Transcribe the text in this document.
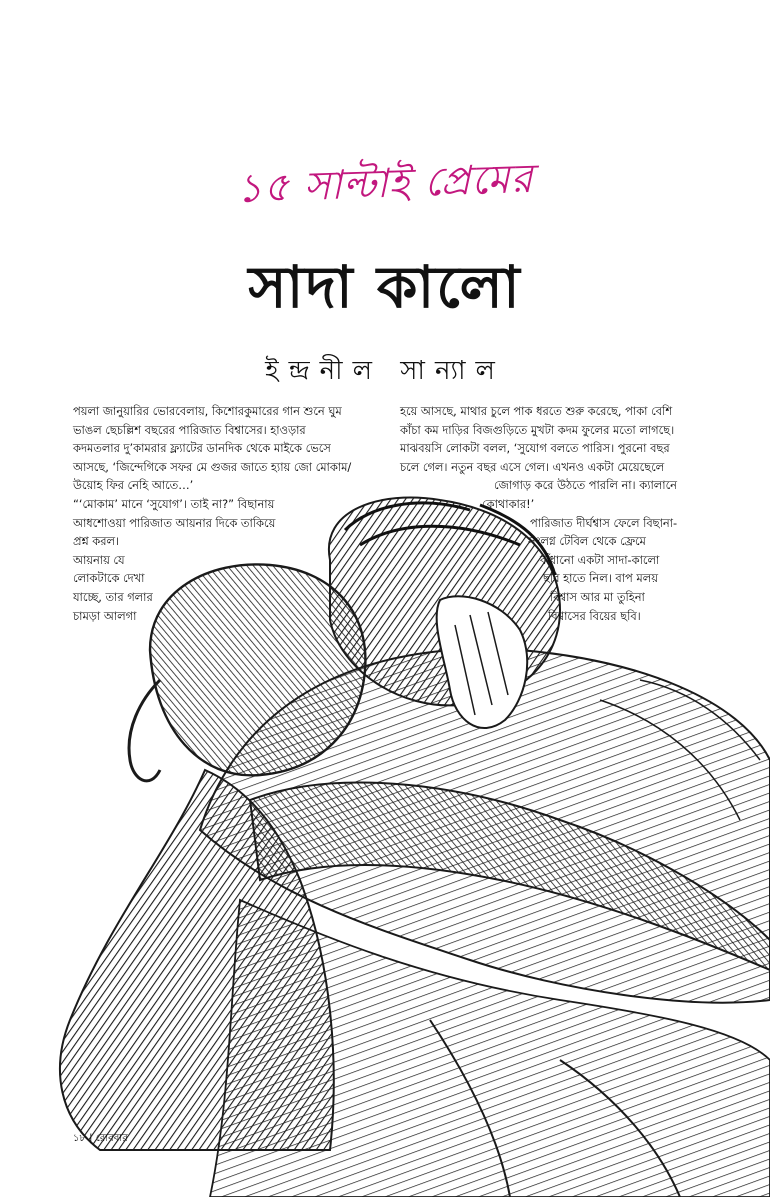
১৫ সাল্টাই প্রেমের
সাদা কালো
ইন্দ্রনীল সান্যাল
পয়লা জানুয়ারির ভোরবেলায়, কিশোরকুমারের গান শুনে ঘুম
ভাঙল ছেচল্লিশ বছরের পারিজাত বিশ্বাসের। হাওড়ার
কদমতলার দু’কামরার ফ্ল্যাটের ডানদিক থেকে মাইকে ভেসে
আসছে, ‘জিন্দেগিকে সফর মে গুজর জাতে হ্যায় জো মোকাম/
উয়োহ ফির নেহি আতে…’
“‘মোকাম’ মানে ‘সুযোগ’। তাই না?” বিছানায়
আধশোওয়া পারিজাত আয়নার দিকে তাকিয়ে
প্রশ্ন করল।
আয়নায় যে
লোকটাকে দেখা
যাচ্ছে, তার গলার
চামড়া আলগা
হয়ে আসছে, মাথার চুলে পাক ধরতে শুরু করেছে, পাকা বেশি
কাঁচা কম দাড়ির বিজগুড়িতে মুখটা কদম ফুলের মতো লাগছে।
মাঝবয়সি লোকটা বলল, ‘সুযোগ বলতে পারিস। পুরনো বছর
চলে গেল। নতুন বছর এসে গেল। এখনও একটা মেয়েছেলে
জোগাড় করে উঠতে পারলি না। ক্যালানে
কোথাকার!’
পারিজাত দীর্ঘশ্বাস ফেলে বিছানা-
সংলগ্ন টেবিল থেকে ফ্রেমে
বাঁধানো একটা সাদা-কালো
ছবি হাতে নিল। বাপ মলয়
বিশ্বাস আর মা তুহিনা
বিশ্বাসের বিয়ের ছবি।
১৮ | রোববার
